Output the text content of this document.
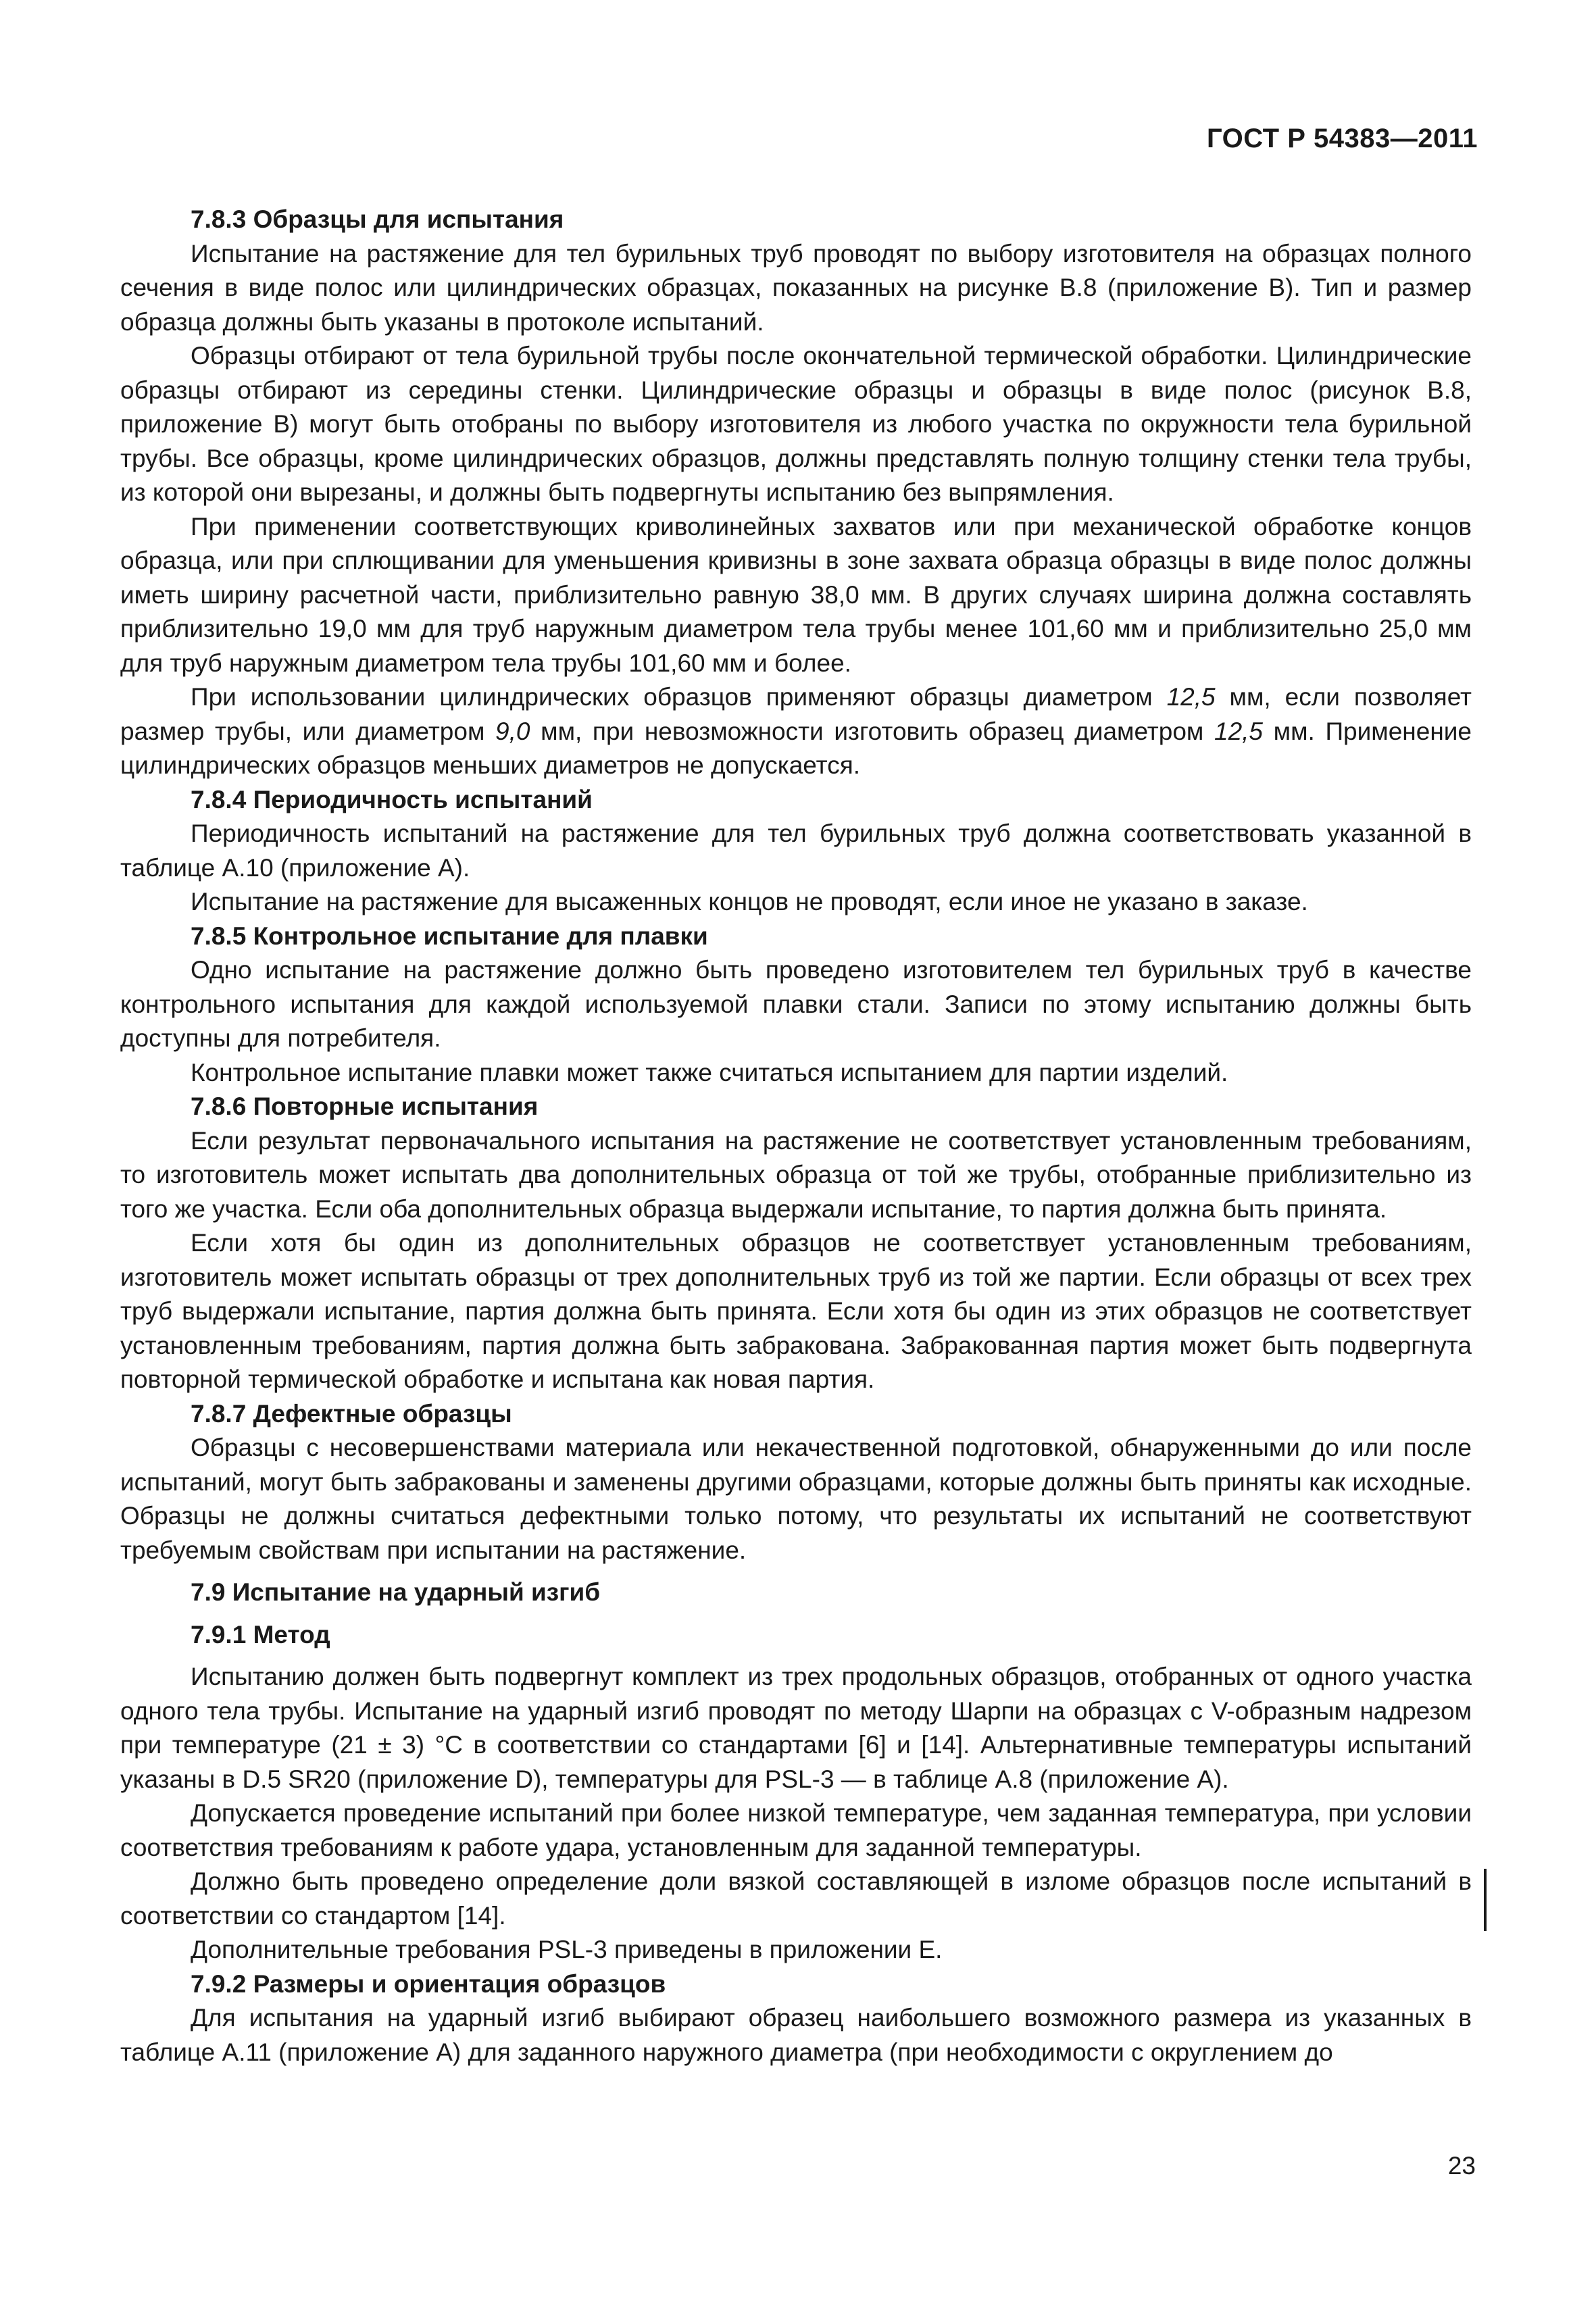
ГОСТ Р 54383—2011
7.8.3 Образцы для испытания

Испытание на растяжение для тел бурильных труб проводят по выбору изготовителя на образцах полного сечения в виде полос или цилиндрических образцах, показанных на рисунке В.8 (приложение В). Тип и размер образца должны быть указаны в протоколе испытаний.

Образцы отбирают от тела бурильной трубы после окончательной термической обработки. Цилиндрические образцы отбирают из середины стенки. Цилиндрические образцы и образцы в виде полос (рисунок В.8, приложение В) могут быть отобраны по выбору изготовителя из любого участка по окружности тела бурильной трубы. Все образцы, кроме цилиндрических образцов, должны представлять полную толщину стенки тела трубы, из которой они вырезаны, и должны быть подвергнуты испытанию без выпрямления.

При применении соответствующих криволинейных захватов или при механической обработке концов образца, или при сплющивании для уменьшения кривизны в зоне захвата образца образцы в виде полос должны иметь ширину расчетной части, приблизительно равную 38,0 мм. В других случаях ширина должна составлять приблизительно 19,0 мм для труб наружным диаметром тела трубы менее 101,60 мм и приблизительно 25,0 мм для труб наружным диаметром тела трубы 101,60 мм и более.

При использовании цилиндрических образцов применяют образцы диаметром 12,5 мм, если позволяет размер трубы, или диаметром 9,0 мм, при невозможности изготовить образец диаметром 12,5 мм. Применение цилиндрических образцов меньших диаметров не допускается.

7.8.4 Периодичность испытаний

Периодичность испытаний на растяжение для тел бурильных труб должна соответствовать указанной в таблице А.10 (приложение А).

Испытание на растяжение для высаженных концов не проводят, если иное не указано в заказе.

7.8.5 Контрольное испытание для плавки

Одно испытание на растяжение должно быть проведено изготовителем тел бурильных труб в качестве контрольного испытания для каждой используемой плавки стали. Записи по этому испытанию должны быть доступны для потребителя.

Контрольное испытание плавки может также считаться испытанием для партии изделий.

7.8.6 Повторные испытания

Если результат первоначального испытания на растяжение не соответствует установленным требованиям, то изготовитель может испытать два дополнительных образца от той же трубы, отобранные приблизительно из того же участка. Если оба дополнительных образца выдержали испытание, то партия должна быть принята.

Если хотя бы один из дополнительных образцов не соответствует установленным требованиям, изготовитель может испытать образцы от трех дополнительных труб из той же партии. Если образцы от всех трех труб выдержали испытание, партия должна быть принята. Если хотя бы один из этих образцов не соответствует установленным требованиям, партия должна быть забракована. Забракованная партия может быть подвергнута повторной термической обработке и испытана как новая партия.

7.8.7 Дефектные образцы

Образцы с несовершенствами материала или некачественной подготовкой, обнаруженными до или после испытаний, могут быть забракованы и заменены другими образцами, которые должны быть приняты как исходные. Образцы не должны считаться дефектными только потому, что результаты их испытаний не соответствуют требуемым свойствам при испытании на растяжение.

7.9 Испытание на ударный изгиб
7.9.1 Метод

Испытанию должен быть подвергнут комплект из трех продольных образцов, отобранных от одного участка одного тела трубы. Испытание на ударный изгиб проводят по методу Шарпи на образцах с V-образным надрезом при температуре (21 ± 3) °С в соответствии со стандартами [6] и [14]. Альтернативные температуры испытаний указаны в D.5 SR20 (приложение D), температуры для PSL-3 — в таблице А.8 (приложение А).

Допускается проведение испытаний при более низкой температуре, чем заданная температура, при условии соответствия требованиям к работе удара, установленным для заданной температуры.

Должно быть проведено определение доли вязкой составляющей в изломе образцов после испытаний в соответствии со стандартом [14].

Дополнительные требования PSL-3 приведены в приложении Е.

7.9.2 Размеры и ориентация образцов

Для испытания на ударный изгиб выбирают образец наибольшего возможного размера из указанных в таблице А.11 (приложение А) для заданного наружного диаметра (при необходимости с округлением до

23
